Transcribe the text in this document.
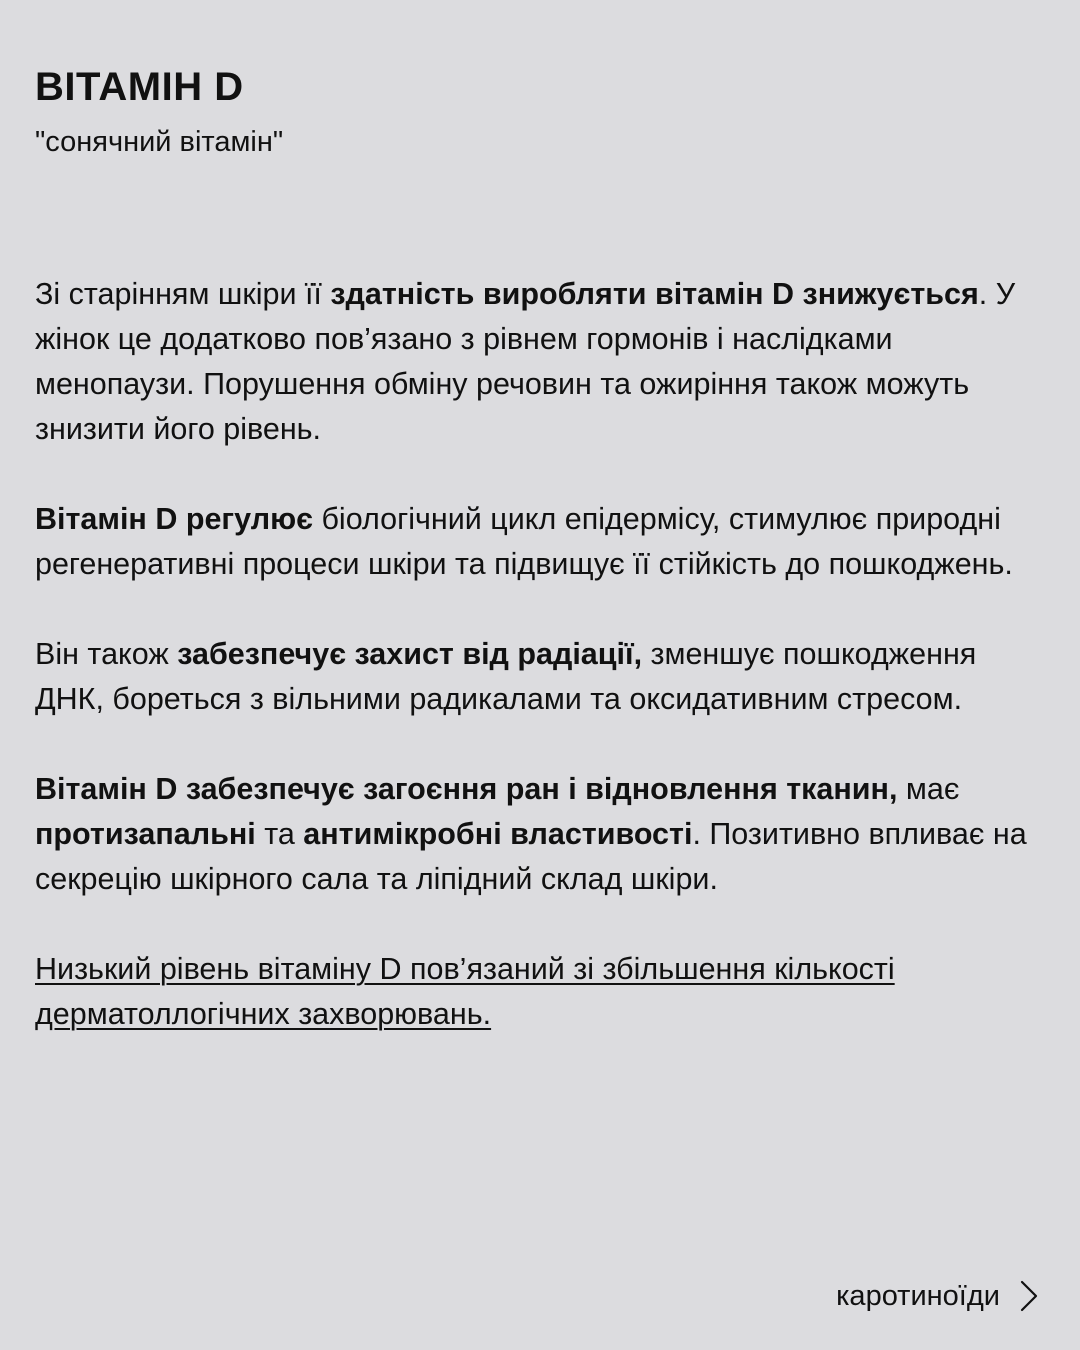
ВІТАМІН D

"сонячний вітамін"

Зі старінням шкіри її здатність виробляти вітамін D знижується. У жінок це додатково пов’язано з рівнем гормонів і наслідками менопаузи. Порушення обміну речовин та ожиріння також можуть знизити його рівень.

Вітамін D регулює біологічний цикл епідермісу, стимулює природні регенеративні процеси шкіри та підвищує її стійкість до пошкоджень.

Він також забезпечує захист від радіації, зменшує пошкодження ДНК, бореться з вільними радикалами та оксидативним стресом.

Вітамін D забезпечує загоєння ран і відновлення тканин, має протизапальні та антимікробні властивості. Позитивно впливає на секрецію шкірного сала та ліпідний склад шкіри.

Низький рівень вітаміну D пов’язаний зі збільшення кількості дерматоллогічних захворювань.

каротиноїди
